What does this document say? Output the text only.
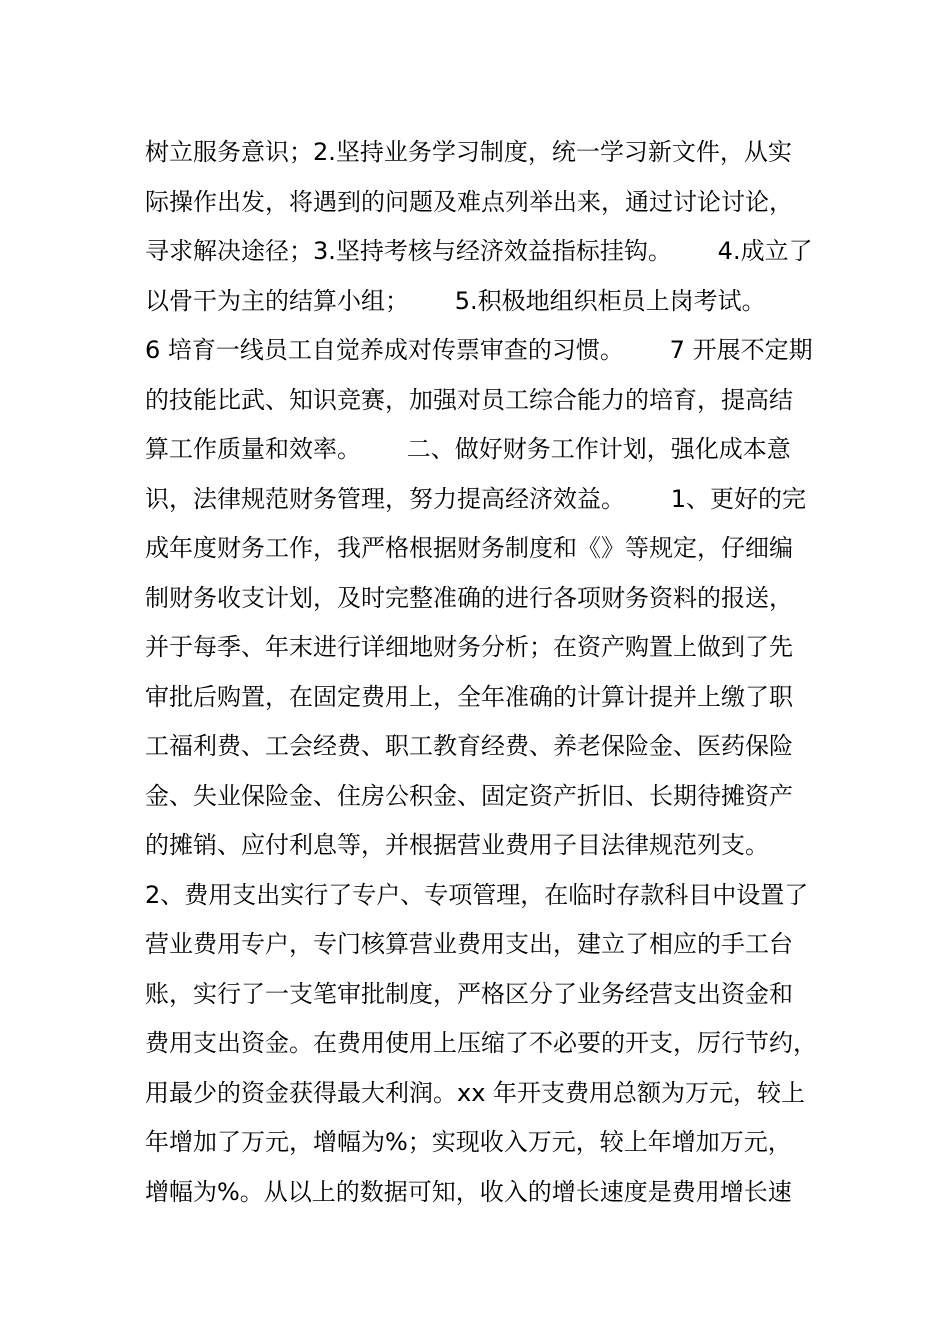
树立服务意识；2.坚持业务学习制度，统一学习新文件，从实
际操作出发，将遇到的问题及难点列举出来，通过讨论讨论，
寻求解决途径；3.坚持考核与经济效益指标挂钩。      4.成立了
以骨干为主的结算小组；      5.积极地组织柜员上岗考试。
6 培育一线员工自觉养成对传票审查的习惯。      7 开展不定期
的技能比武、知识竞赛，加强对员工综合能力的培育，提高结
算工作质量和效率。      二、做好财务工作计划，强化成本意
识，法律规范财务管理，努力提高经济效益。      1、更好的完
成年度财务工作，我严格根据财务制度和《》等规定，仔细编
制财务收支计划，及时完整准确的进行各项财务资料的报送，
并于每季、年末进行详细地财务分析；在资产购置上做到了先
审批后购置，在固定费用上，全年准确的计算计提并上缴了职
工福利费、工会经费、职工教育经费、养老保险金、医药保险
金、失业保险金、住房公积金、固定资产折旧、长期待摊资产
的摊销、应付利息等，并根据营业费用子目法律规范列支。
2、费用支出实行了专户、专项管理，在临时存款科目中设置了
营业费用专户，专门核算营业费用支出，建立了相应的手工台
账，实行了一支笔审批制度，严格区分了业务经营支出资金和
费用支出资金。在费用使用上压缩了不必要的开支，厉行节约，
用最少的资金获得最大利润。xx 年开支费用总额为万元，较上
年增加了万元，增幅为%；实现收入万元，较上年增加万元，
增幅为%。从以上的数据可知，收入的增长速度是费用增长速
